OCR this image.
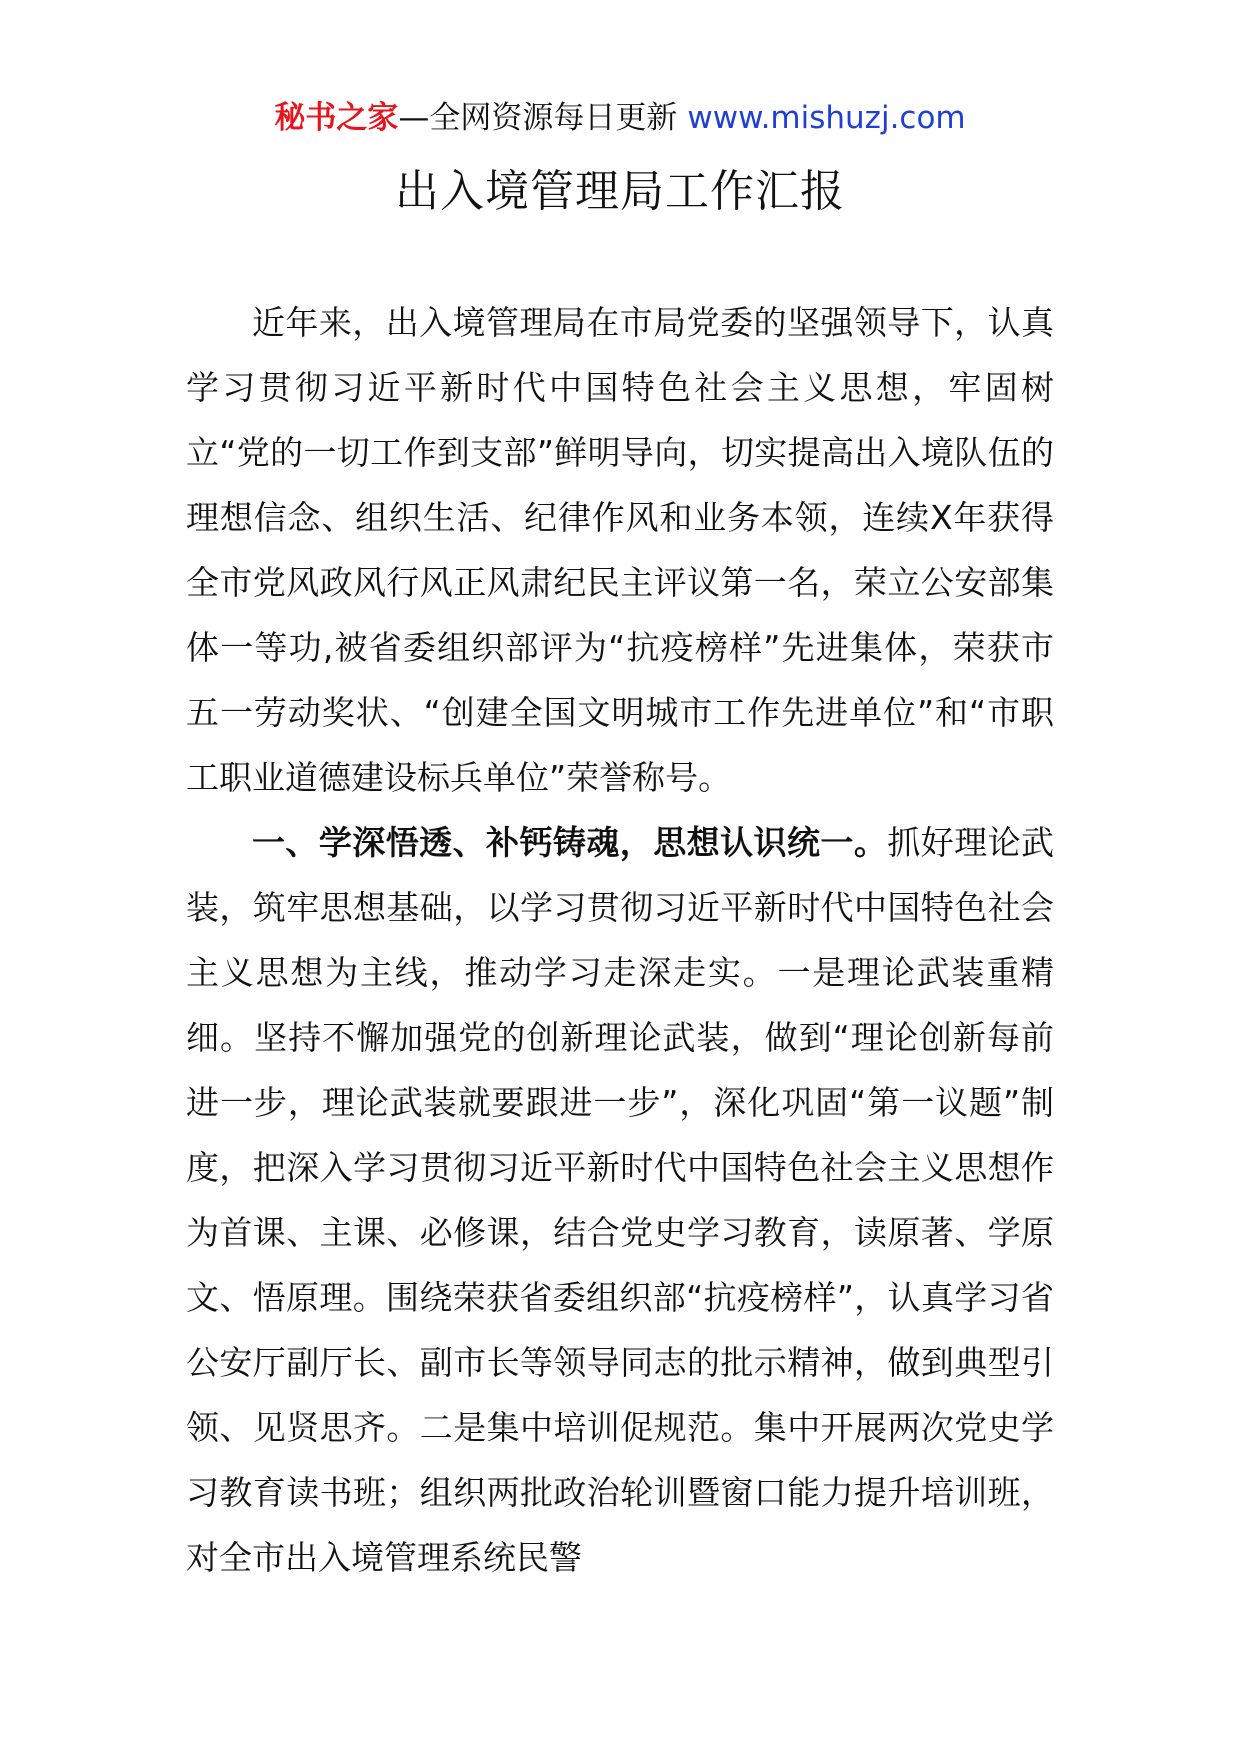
秘书之家—全网资源每日更新 www.mishuzj.com
出入境管理局工作汇报

近年来，出入境管理局在市局党委的坚强领导下，认真学习贯彻习近平新时代中国特色社会主义思想，牢固树立“党的一切工作到支部”鲜明导向，切实提高出入境队伍的理想信念、组织生活、纪律作风和业务本领，连续X年获得全市党风政风行风正风肃纪民主评议第一名，荣立公安部集体一等功,被省委组织部评为“抗疫榜样”先进集体，荣获市五一劳动奖状、“创建全国文明城市工作先进单位”和“市职工职业道德建设标兵单位”荣誉称号。

一、学深悟透、补钙铸魂，思想认识统一。抓好理论武装，筑牢思想基础，以学习贯彻习近平新时代中国特色社会主义思想为主线，推动学习走深走实。一是理论武装重精细。坚持不懈加强党的创新理论武装，做到“理论创新每前进一步，理论武装就要跟进一步”，深化巩固“第一议题”制度，把深入学习贯彻习近平新时代中国特色社会主义思想作为首课、主课、必修课，结合党史学习教育，读原著、学原文、悟原理。围绕荣获省委组织部“抗疫榜样”，认真学习省公安厅副厅长、副市长等领导同志的批示精神，做到典型引领、见贤思齐。二是集中培训促规范。集中开展两次党史学习教育读书班；组织两批政治轮训暨窗口能力提升培训班，对全市出入境管理系统民警
